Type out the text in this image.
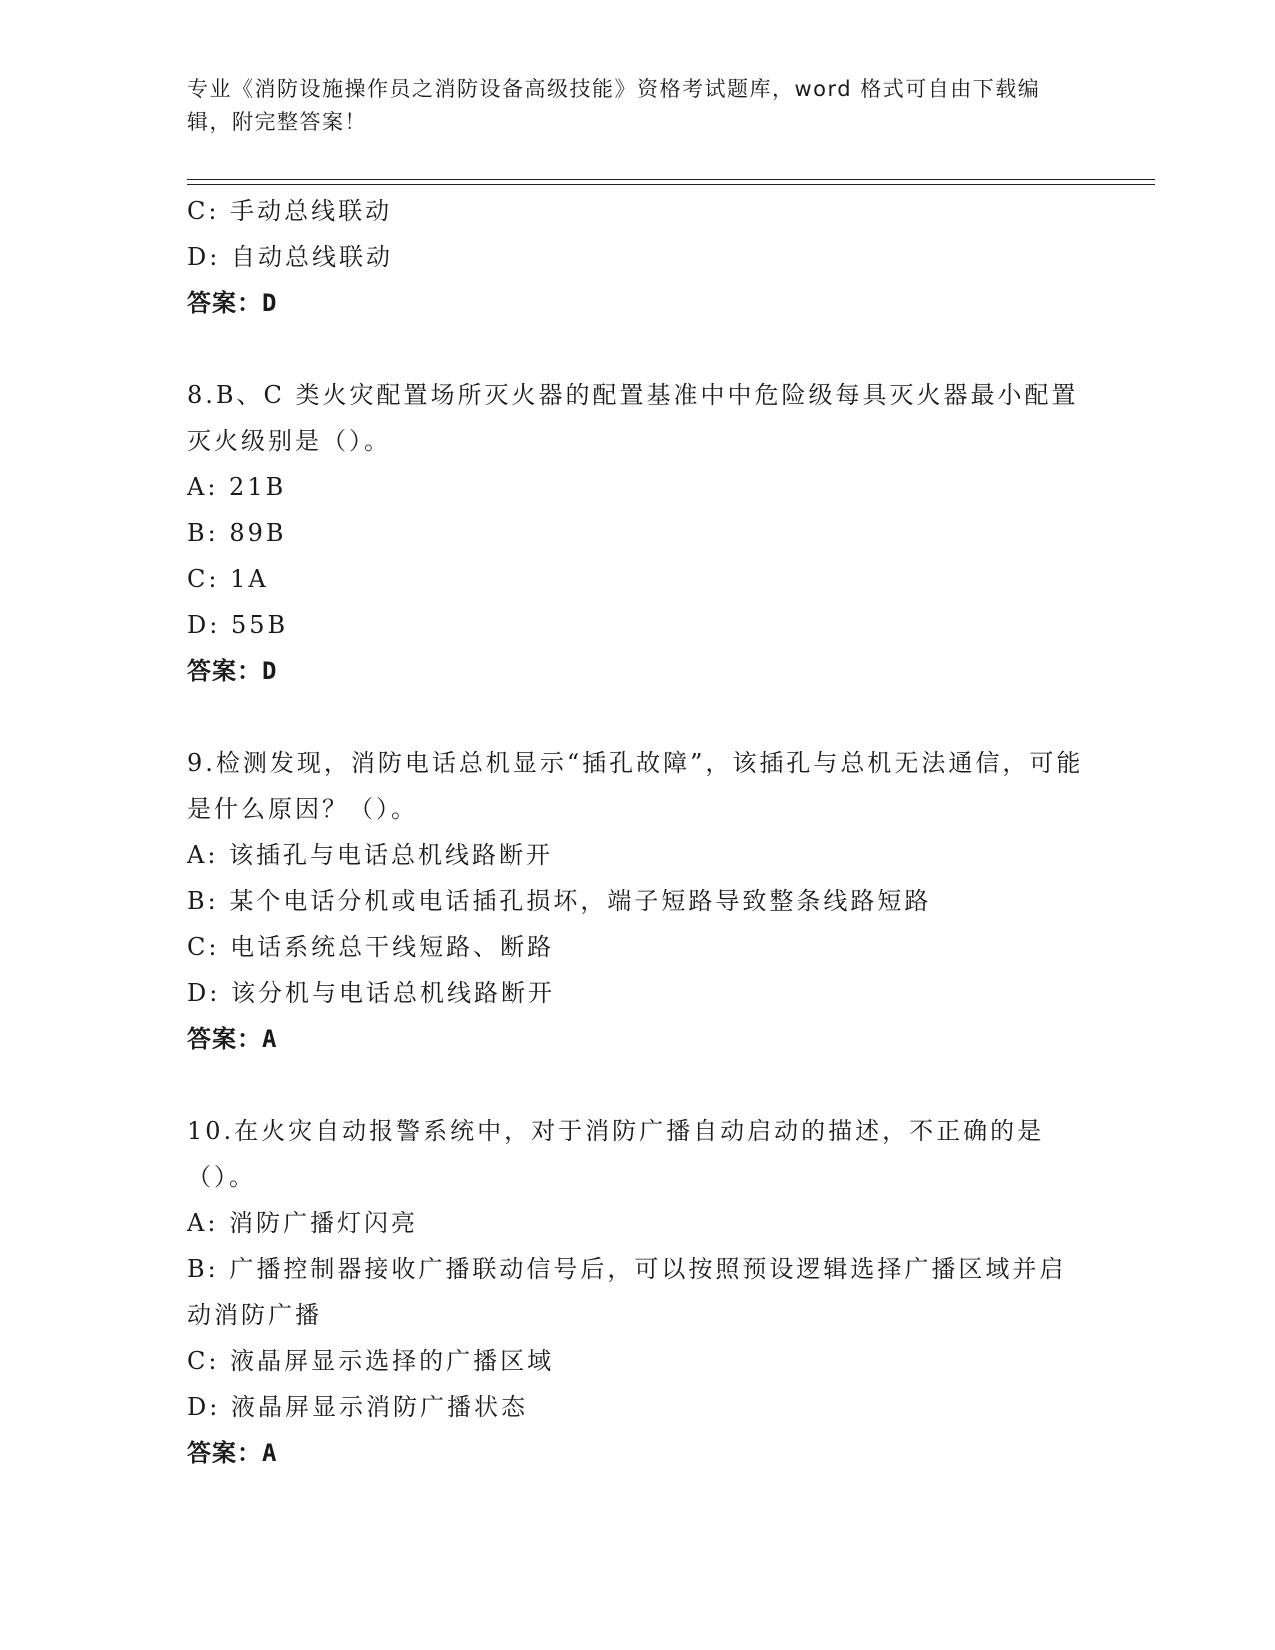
专业《消防设施操作员之消防设备高级技能》资格考试题库，word 格式可自由下载编辑，附完整答案！
C: 手动总线联动
D: 自动总线联动
答案：D
8.B、C 类火灾配置场所灭火器的配置基准中中危险级每具灭火器最小配置灭火级别是（）。
A: 21B
B: 89B
C: 1A
D: 55B
答案：D
9.检测发现，消防电话总机显示“插孔故障”，该插孔与总机无法通信，可能是什么原因？（）。
A: 该插孔与电话总机线路断开
B: 某个电话分机或电话插孔损坏，端子短路导致整条线路短路
C: 电话系统总干线短路、断路
D: 该分机与电话总机线路断开
答案：A
10.在火灾自动报警系统中，对于消防广播自动启动的描述，不正确的是（）。
A: 消防广播灯闪亮
B: 广播控制器接收广播联动信号后，可以按照预设逻辑选择广播区域并启动消防广播
C: 液晶屏显示选择的广播区域
D: 液晶屏显示消防广播状态
答案：A
